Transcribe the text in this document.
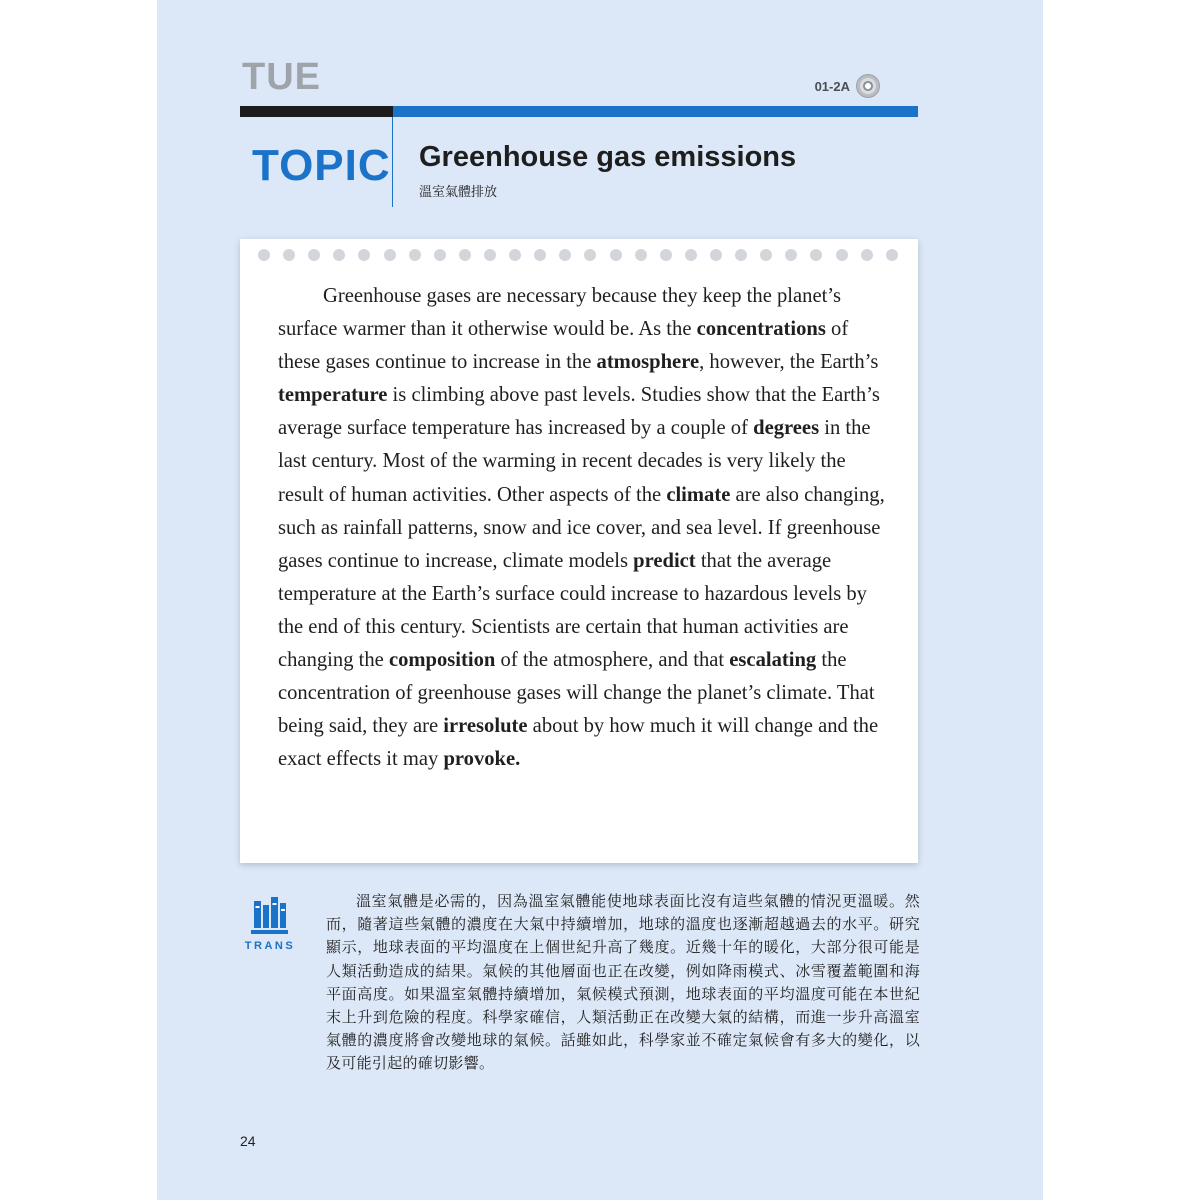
TUE	01-2A
TOPIC Greenhouse gas emissions
溫室氣體排放

Greenhouse gases are necessary because they keep the planet’s surface warmer than it otherwise would be. As the concentrations of these gases continue to increase in the atmosphere, however, the Earth’s temperature is climbing above past levels. Studies show that the Earth’s average surface temperature has increased by a couple of degrees in the last century. Most of the warming in recent decades is very likely the result of human activities. Other aspects of the climate are also changing, such as rainfall patterns, snow and ice cover, and sea level. If greenhouse gases continue to increase, climate models predict that the average temperature at the Earth’s surface could increase to hazardous levels by the end of this century. Scientists are certain that human activities are changing the composition of the atmosphere, and that escalating the concentration of greenhouse gases will change the planet’s climate. That being said, they are irresolute about by how much it will change and the exact effects it may provoke.

TRANS

溫室氣體是必需的，因為溫室氣體能使地球表面比沒有這些氣體的情況更溫暖。然而，隨著這些氣體的濃度在大氣中持續增加，地球的溫度也逐漸超越過去的水平。研究顯示，地球表面的平均溫度在上個世紀升高了幾度。近幾十年的暖化，大部分很可能是人類活動造成的結果。氣候的其他層面也正在改變，例如降雨模式、冰雪覆蓋範圍和海平面高度。如果溫室氣體持續增加，氣候模式預測，地球表面的平均溫度可能在本世紀末上升到危險的程度。科學家確信，人類活動正在改變大氣的結構，而進一步升高溫室氣體的濃度將會改變地球的氣候。話雖如此，科學家並不確定氣候會有多大的變化，以及可能引起的確切影響。

24
